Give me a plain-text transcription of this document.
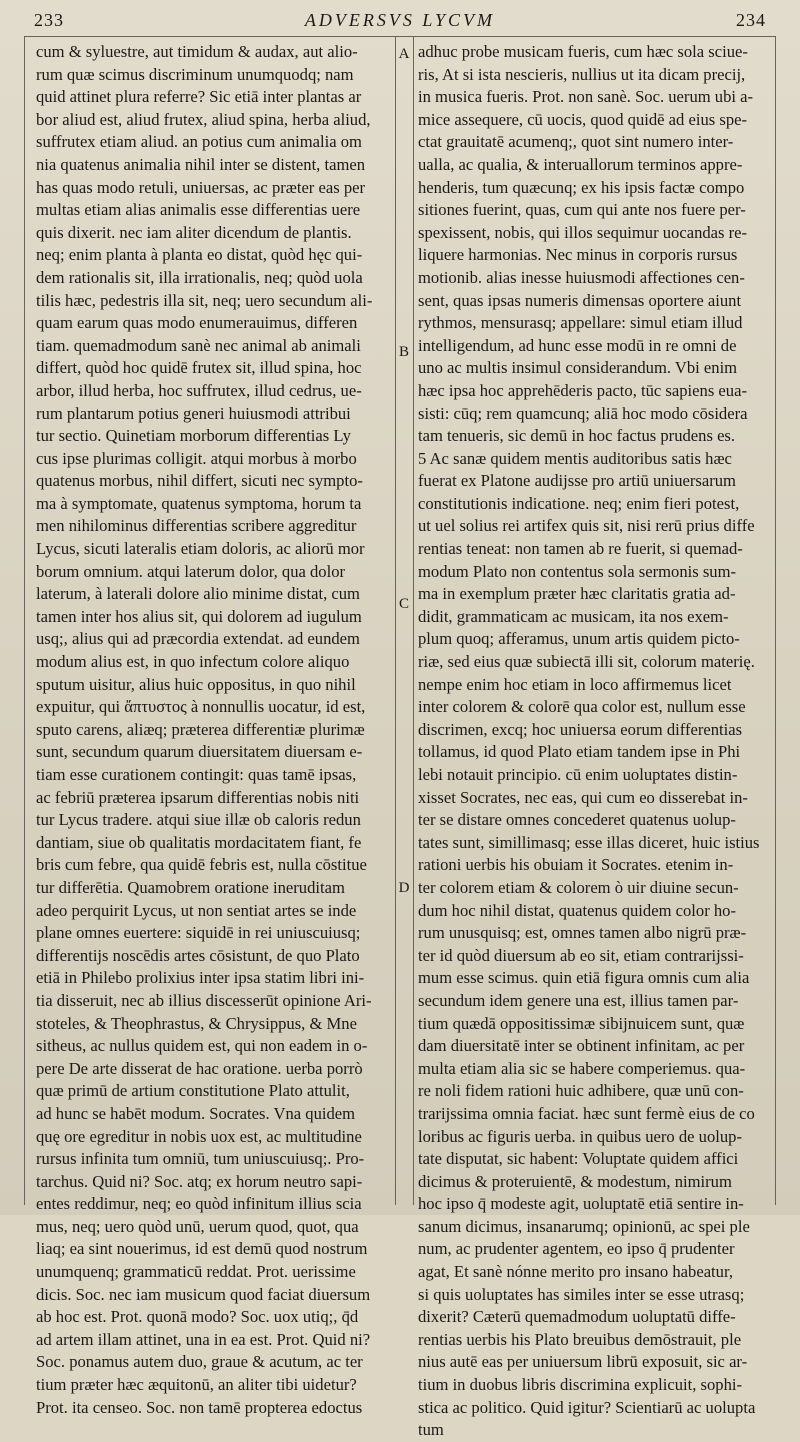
233	ADVERSVS LYCVM	234
A
B
C
D
cum & syluestre, aut timidum & audax, aut alio-
rum quæ scimus discriminum unumquodq; nam
quid attinet plura referre? Sic etiā inter plantas ar
bor aliud est, aliud frutex, aliud spina, herba aliud,
suffrutex etiam aliud. an potius cum animalia om
nia quatenus animalia nihil inter se distent, tamen
has quas modo retuli, uniuersas, ac præter eas per
multas etiam alias animalis esse differentias uere
quis dixerit. nec iam aliter dicendum de plantis.
neq; enim planta à planta eo distat, quòd hęc qui-
dem rationalis sit, illa irrationalis, neq; quòd uola
tilis hæc, pedestris illa sit, neq; uero secundum ali-
quam earum quas modo enumerauimus, differen
tiam. quemadmodum sanè nec animal ab animali
differt, quòd hoc quidē frutex sit, illud spina, hoc
arbor, illud herba, hoc suffrutex, illud cedrus, ue-
rum plantarum potius generi huiusmodi attribui
tur sectio. Quinetiam morborum differentias Ly
cus ipse plurimas colligit. atqui morbus à morbo
quatenus morbus, nihil differt, sicuti nec sympto-
ma à symptomate, quatenus symptoma, horum ta
men nihilominus differentias scribere aggreditur
Lycus, sicuti lateralis etiam doloris, ac aliorū mor
borum omnium. atqui laterum dolor, qua dolor
laterum, à laterali dolore alio minime distat, cum
tamen inter hos alius sit, qui dolorem ad iugulum
usq;, alius qui ad præcordia extendat. ad eundem
modum alius est, in quo infectum colore aliquo
sputum uisitur, alius huic oppositus, in quo nihil
expuitur, qui ἄπτυστος à nonnullis uocatur, id est,
sputo carens, aliæq; præterea differentiæ plurimæ
sunt, secundum quarum diuersitatem diuersam e-
tiam esse curationem contingit: quas tamē ipsas,
ac febriū præterea ipsarum differentias nobis niti
tur Lycus tradere. atqui siue illæ ob caloris redun
dantiam, siue ob qualitatis mordacitatem fiant, fe
bris cum febre, qua quidē febris est, nulla cōstitue
tur differētia. Quamobrem oratione ineruditam
adeo perquirit Lycus, ut non sentiat artes se inde
plane omnes euertere: siquidē in rei uniuscuiusq;
differentijs noscēdis artes cōsistunt, de quo Plato
etiā in Philebo prolixius inter ipsa statim libri ini-
tia disseruit, nec ab illius discesserūt opinione Ari-
stoteles, & Theophrastus, & Chrysippus, & Mne
sitheus, ac nullus quidem est, qui non eadem in o-
pere De arte disserat de hac oratione. uerba porrò
quæ primū de artium constitutione Plato attulit,
ad hunc se habēt modum. Socrates. Vna quidem
quę ore egreditur in nobis uox est, ac multitudine
rursus infinita tum omniū, tum uniuscuiusq;. Pro-
tarchus. Quid ni? Soc. atq; ex horum neutro sapi-
entes reddimur, neq; eo quòd infinitum illius scia
mus, neq; uero quòd unū, uerum quod, quot, qua
liaq; ea sint nouerimus, id est demū quod nostrum
unumquenq; grammaticū reddat. Prot. uerissime
dicis. Soc. nec iam musicum quod faciat diuersum
ab hoc est. Prot. quonā modo? Soc. uox utiq;, q̄d
ad artem illam attinet, una in ea est. Prot. Quid ni?
Soc. ponamus autem duo, graue & acutum, ac ter
tium præter hæc æquitonū, an aliter tibi uidetur?
Prot. ita censeo. Soc. non tamē propterea edoctus
adhuc probe musicam fueris, cum hæc sola sciue-
ris, At si ista nescieris, nullius ut ita dicam precij,
in musica fueris. Prot. non sanè. Soc. uerum ubi a-
mice assequere, cū uocis, quod quidē ad eius spe-
ctat grauitatē acumenq;, quot sint numero inter-
ualla, ac qualia, & interuallorum terminos appre-
henderis, tum quæcunq; ex his ipsis factæ compo
sitiones fuerint, quas, cum qui ante nos fuere per-
spexissent, nobis, qui illos sequimur uocandas re-
liquere harmonias. Nec minus in corporis rursus
motionib. alias inesse huiusmodi affectiones cen-
sent, quas ipsas numeris dimensas oportere aiunt
rythmos, mensurasq; appellare: simul etiam illud
intelligendum, ad hunc esse modū in re omni de
uno ac multis insimul considerandum. Vbi enim
hæc ipsa hoc apprehēderis pacto, tūc sapiens eua-
sisti: cūq; rem quamcunq; aliā hoc modo cōsidera
tam tenueris, sic demū in hoc factus prudens es.
5 Ac sanæ quidem mentis auditoribus satis hæc
fuerat ex Platone audijsse pro artiū uniuersarum
constitutionis indicatione. neq; enim fieri potest,
ut uel solius rei artifex quis sit, nisi rerū prius diffe
rentias teneat: non tamen ab re fuerit, si quemad-
modum Plato non contentus sola sermonis sum-
ma in exemplum præter hæc claritatis gratia ad-
didit, grammaticam ac musicam, ita nos exem-
plum quoq; afferamus, unum artis quidem picto-
riæ, sed eius quæ subiectā illi sit, colorum materię.
nempe enim hoc etiam in loco affirmemus licet
inter colorem & colorē qua color est, nullum esse
discrimen, excq; hoc uniuersa eorum differentias
tollamus, id quod Plato etiam tandem ipse in Phi
lebi notauit principio. cū enim uoluptates distin-
xisset Socrates, nec eas, qui cum eo disserebat in-
ter se distare omnes concederet quatenus uolup-
tates sunt, simillimasq; esse illas diceret, huic istius
rationi uerbis his obuiam it Socrates. etenim in-
ter colorem etiam & colorem ò uir diuine secun-
dum hoc nihil distat, quatenus quidem color ho-
rum unusquisq; est, omnes tamen albo nigrū præ-
ter id quòd diuersum ab eo sit, etiam contrarijssi-
mum esse scimus. quin etiā figura omnis cum alia
secundum idem genere una est, illius tamen par-
tium quædā oppositissimæ sibijnuicem sunt, quæ
dam diuersitatē inter se obtinent infinitam, ac per
multa etiam alia sic se habere comperiemus. qua-
re noli fidem rationi huic adhibere, quæ unū con-
trarijssima omnia faciat. hæc sunt fermè eius de co
loribus ac figuris uerba. in quibus uero de uolup-
tate disputat, sic habent: Voluptate quidem affici
dicimus & proteruientē, & modestum, nimirum
hoc ipso q̄ modeste agit, uoluptatē etiā sentire in-
sanum dicimus, insanarumq; opinionū, ac spei ple
num, ac prudenter agentem, eo ipso q̄ prudenter
agat, Et sanè nónne merito pro insano habeatur,
si quis uoluptates has similes inter se esse utrasq;
dixerit? Cæterū quemadmodum uoluptatū diffe-
rentias uerbis his Plato breuibus demōstrauit, ple
nius autē eas per uniuersum librū exposuit, sic ar-
tium in duobus libris discrimina explicuit, sophi-
stica ac politico. Quid igitur? Scientiarū ac uolupta
tum
